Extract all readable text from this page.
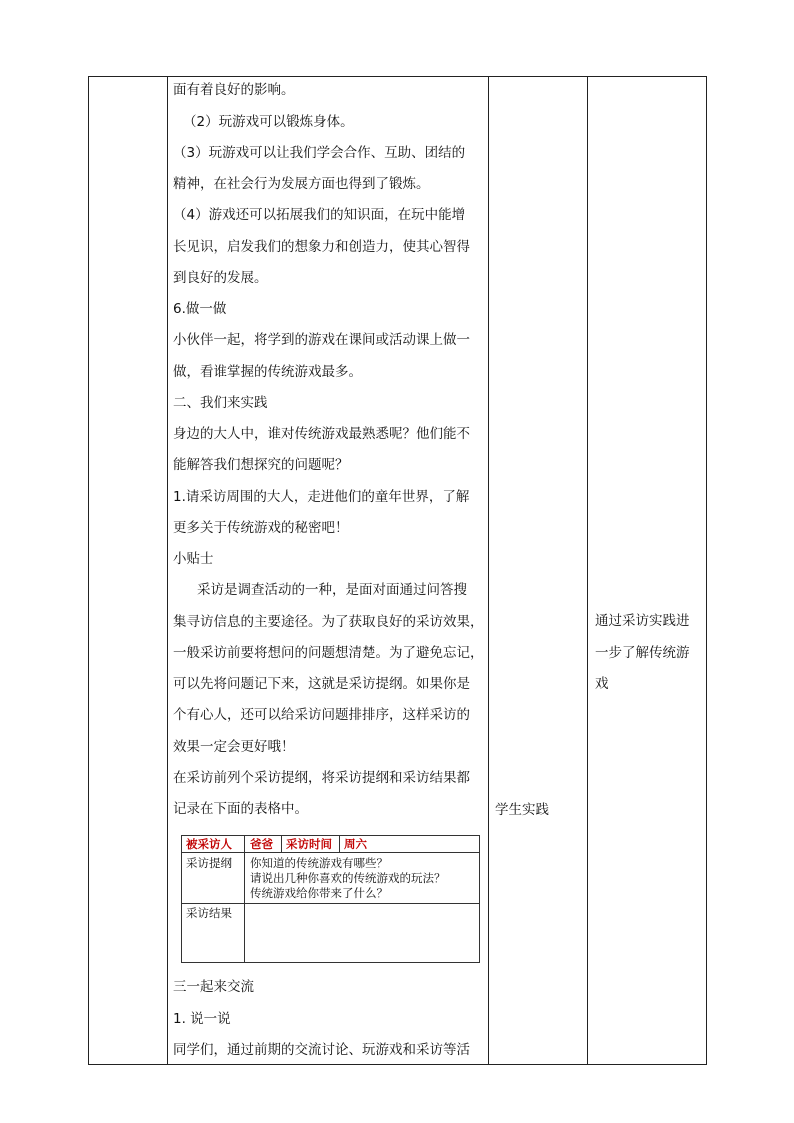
面有着良好的影响。
（2）玩游戏可以锻炼身体。
（3）玩游戏可以让我们学会合作、互助、团结的
精神，在社会行为发展方面也得到了锻炼。
（4）游戏还可以拓展我们的知识面，在玩中能增
长见识，启发我们的想象力和创造力，使其心智得
到良好的发展。
6.做一做
小伙伴一起，将学到的游戏在课间或活动课上做一
做，看谁掌握的传统游戏最多。
二、我们来实践
身边的大人中，谁对传统游戏最熟悉呢？他们能不
能解答我们想探究的问题呢？
1.请采访周围的大人，走进他们的童年世界，了解
更多关于传统游戏的秘密吧！
小贴士
采访是调查活动的一种，是面对面通过问答搜
集寻访信息的主要途径。为了获取良好的采访效果，
一般采访前要将想问的问题想清楚。为了避免忘记，
可以先将问题记下来，这就是采访提纲。如果你是
个有心人，还可以给采访问题排排序，这样采访的
效果一定会更好哦！
在采访前列个采访提纲，将采访提纲和采访结果都
记录在下面的表格中。
三一起来交流
1. 说一说
同学们，通过前期的交流讨论、玩游戏和采访等活
学生实践
通过采访实践进
一步了解传统游
戏
被采访人 爸爸 采访时间 周六
采访提纲 你知道的传统游戏有哪些？
请说出几种你喜欢的传统游戏的玩法？
传统游戏给你带来了什么？
采访结果
